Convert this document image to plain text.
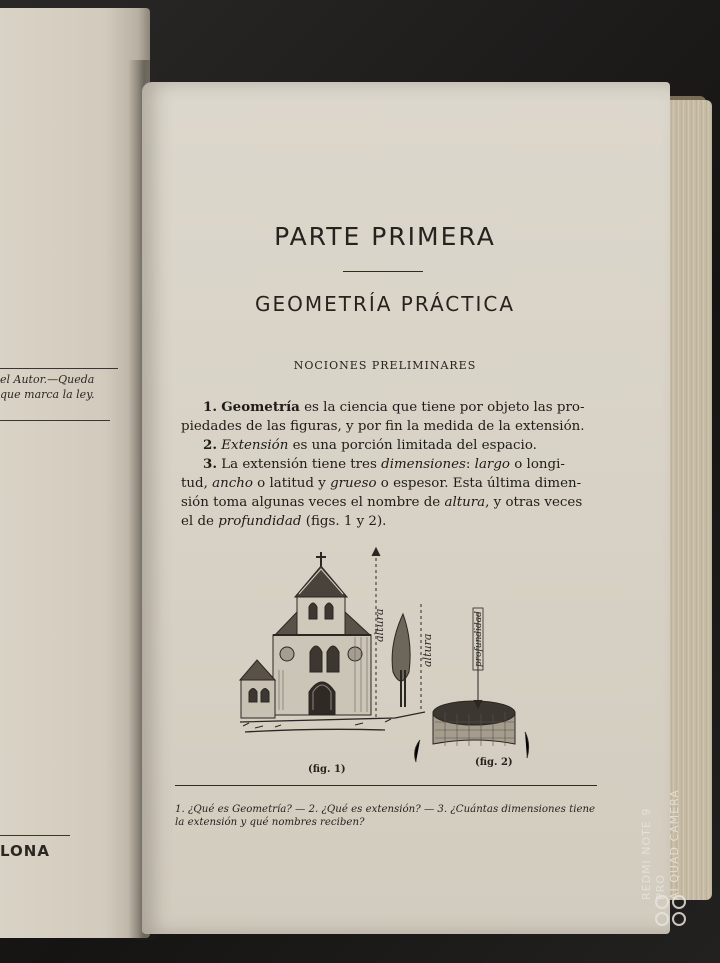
el Autor.—Queda
que marca la ley.
LONA
PARTE PRIMERA
GEOMETRÍA PRÁCTICA
NOCIONES PRELIMINARES
1. Geometría es la ciencia que tiene por objeto las pro-
piedades de las figuras, y por fin la medida de la extensión.
2. Extensión es una porción limitada del espacio.
3. La extensión tiene tres dimensiones: largo o longi-
tud, ancho o latitud y grueso o espesor. Esta última dimen-
sión toma algunas veces el nombre de altura, y otras veces
el de profundidad (figs. 1 y 2).
altura
altura	profundidad
(fig. 1)
(fig. 2)
1. ¿Qué es Geometría? — 2. ¿Qué es extensión? — 3. ¿Cuántas dimensiones tiene
la extensión y qué nombres reciben?	REDMI NOTE 9 PRO AI QUAD CAMERA
